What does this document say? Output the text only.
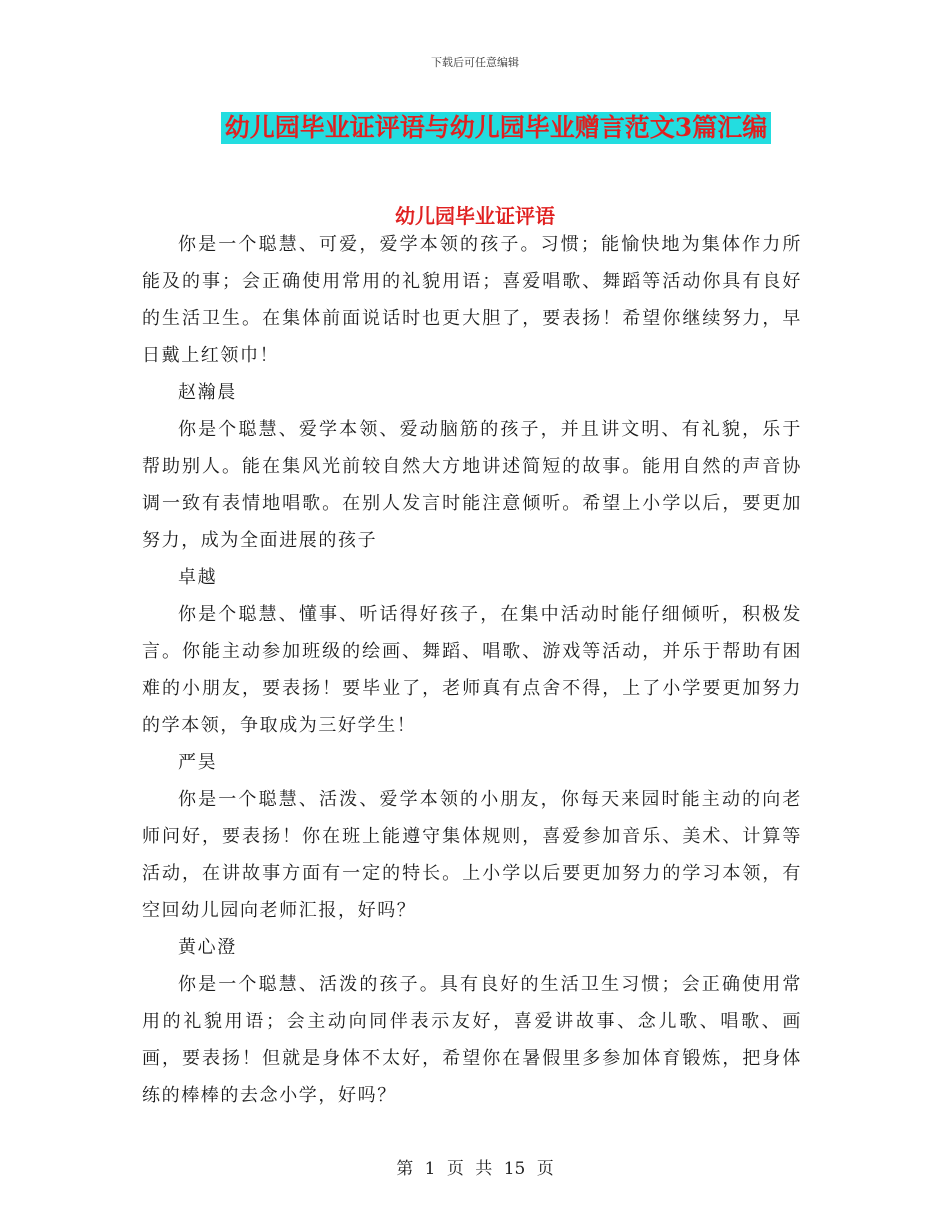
下载后可任意编辑
幼儿园毕业证评语与幼儿园毕业赠言范文3篇汇编
幼儿园毕业证评语

你是一个聪慧、可爱，爱学本领的孩子。习惯；能愉快地为集体作力所能及的事；会正确使用常用的礼貌用语；喜爱唱歌、舞蹈等活动你具有良好的生活卫生。在集体前面说话时也更大胆了，要表扬！希望你继续努力，早日戴上红领巾！

赵瀚晨

你是个聪慧、爱学本领、爱动脑筋的孩子，并且讲文明、有礼貌，乐于帮助别人。能在集风光前较自然大方地讲述简短的故事。能用自然的声音协调一致有表情地唱歌。在别人发言时能注意倾听。希望上小学以后，要更加努力，成为全面进展的孩子

卓越

你是个聪慧、懂事、听话得好孩子，在集中活动时能仔细倾听，积极发言。你能主动参加班级的绘画、舞蹈、唱歌、游戏等活动，并乐于帮助有困难的小朋友，要表扬！要毕业了，老师真有点舍不得，上了小学要更加努力的学本领，争取成为三好学生！

严昊

你是一个聪慧、活泼、爱学本领的小朋友，你每天来园时能主动的向老师问好，要表扬！你在班上能遵守集体规则，喜爱参加音乐、美术、计算等活动，在讲故事方面有一定的特长。上小学以后要更加努力的学习本领，有空回幼儿园向老师汇报，好吗？

黄心澄

你是一个聪慧、活泼的孩子。具有良好的生活卫生习惯；会正确使用常用的礼貌用语；会主动向同伴表示友好，喜爱讲故事、念儿歌、唱歌、画画，要表扬！但就是身体不太好，希望你在暑假里多参加体育锻炼，把身体练的棒棒的去念小学，好吗？

第 1 页 共 15 页
